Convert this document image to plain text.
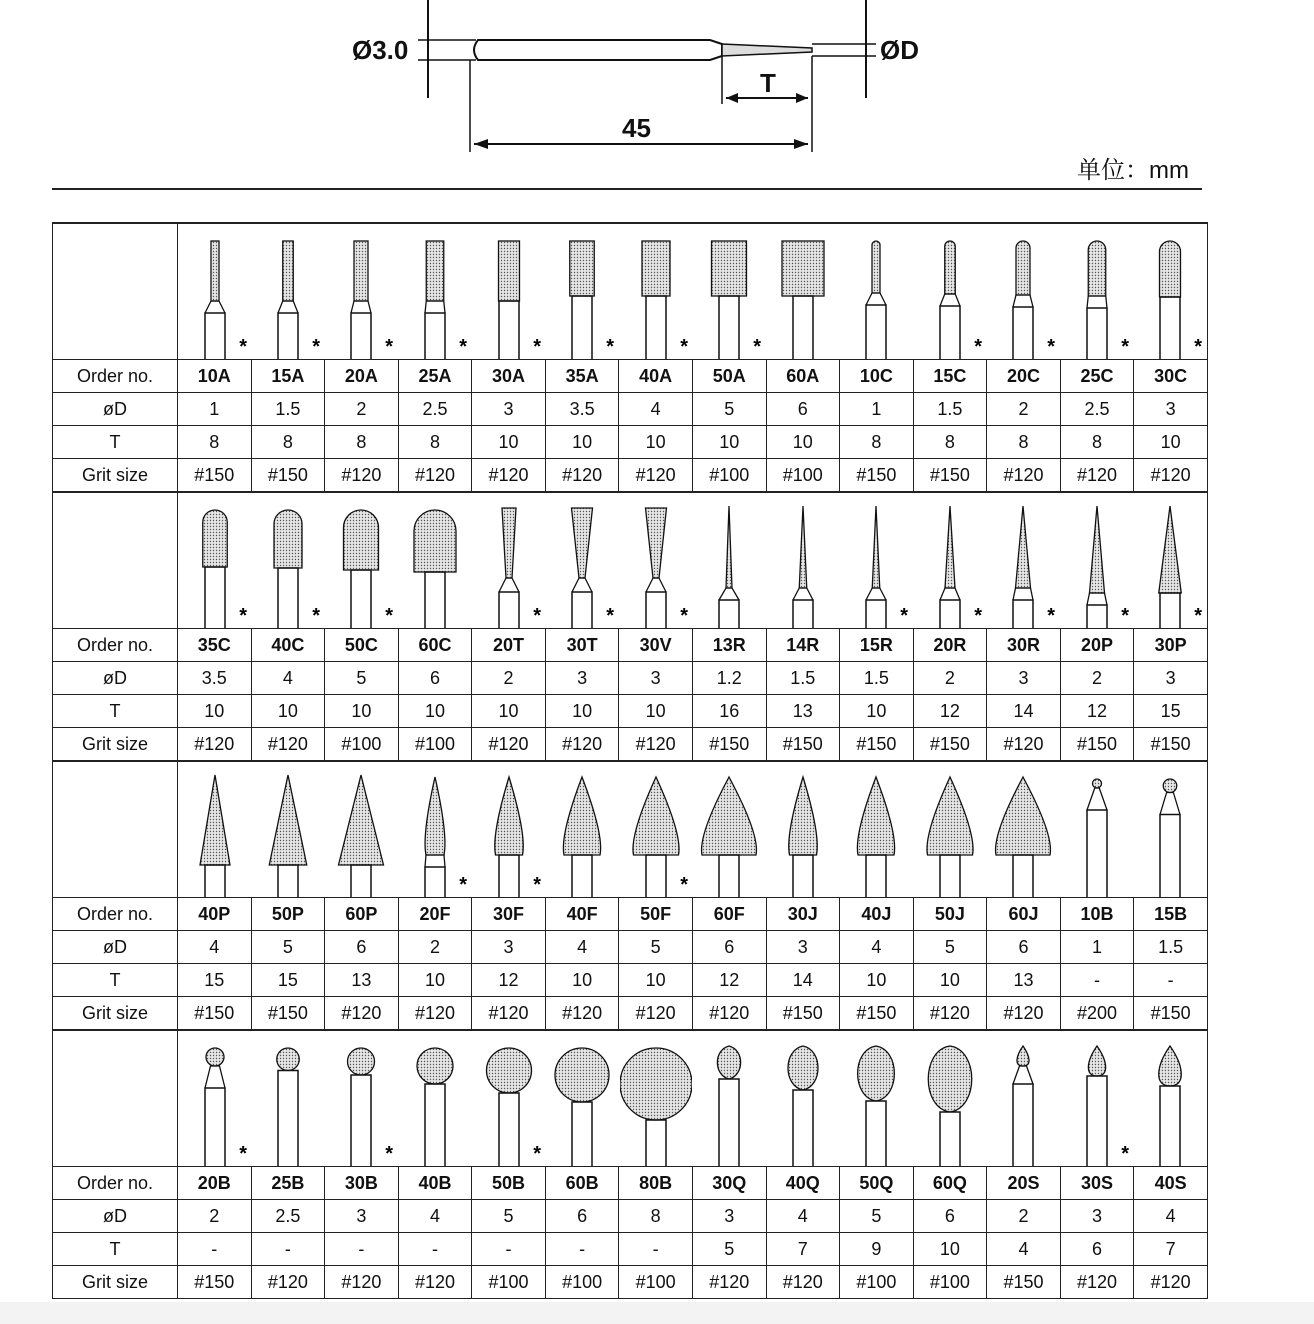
Ø3.0	ØD
T
45
单位：mm

*	*	*	*	*	*	*	*			*	*	*	*

Order no.	10A	15A	20A	25A	30A	35A	40A	50A	60A	10C	15C	20C	25C	30C
øD	1	1.5	2	2.5	3	3.5	4	5	6	1	1.5	2	2.5	3
T	8	8	8	8	10	10	10	10	10	8	8	8	8	10
Grit size	#150	#150	#120	#120	#120	#120	#120	#100	#100	#150	#150	#120	#120	#120

*	*	*		*	*	*			*	*	*	*	*

Order no.	35C	40C	50C	60C	20T	30T	30V	13R	14R	15R	20R	30R	20P	30P
øD	3.5	4	5	6	2	3	3	1.2	1.5	1.5	2	3	2	3
T	10	10	10	10	10	10	10	16	13	10	12	14	12	15
Grit size	#120	#120	#100	#100	#120	#120	#120	#150	#150	#150	#150	#120	#150	#150

*	*		*

Order no.	40P	50P	60P	20F	30F	40F	50F	60F	30J	40J	50J	60J	10B	15B
øD	4	5	6	2	3	4	5	6	3	4	5	6	1	1.5
T	15	15	13	10	12	10	10	12	14	10	10	13	-	-
Grit size	#150	#150	#120	#120	#120	#120	#120	#120	#150	#150	#120	#120	#200	#150

*		*		*								*

Order no.	20B	25B	30B	40B	50B	60B	80B	30Q	40Q	50Q	60Q	20S	30S	40S
øD	2	2.5	3	4	5	6	8	3	4	5	6	2	3	4
T	-	-	-	-	-	-	-	5	7	9	10	4	6	7
Grit size	#150	#120	#120	#120	#100	#100	#100	#120	#120	#100	#100	#150	#120	#120
